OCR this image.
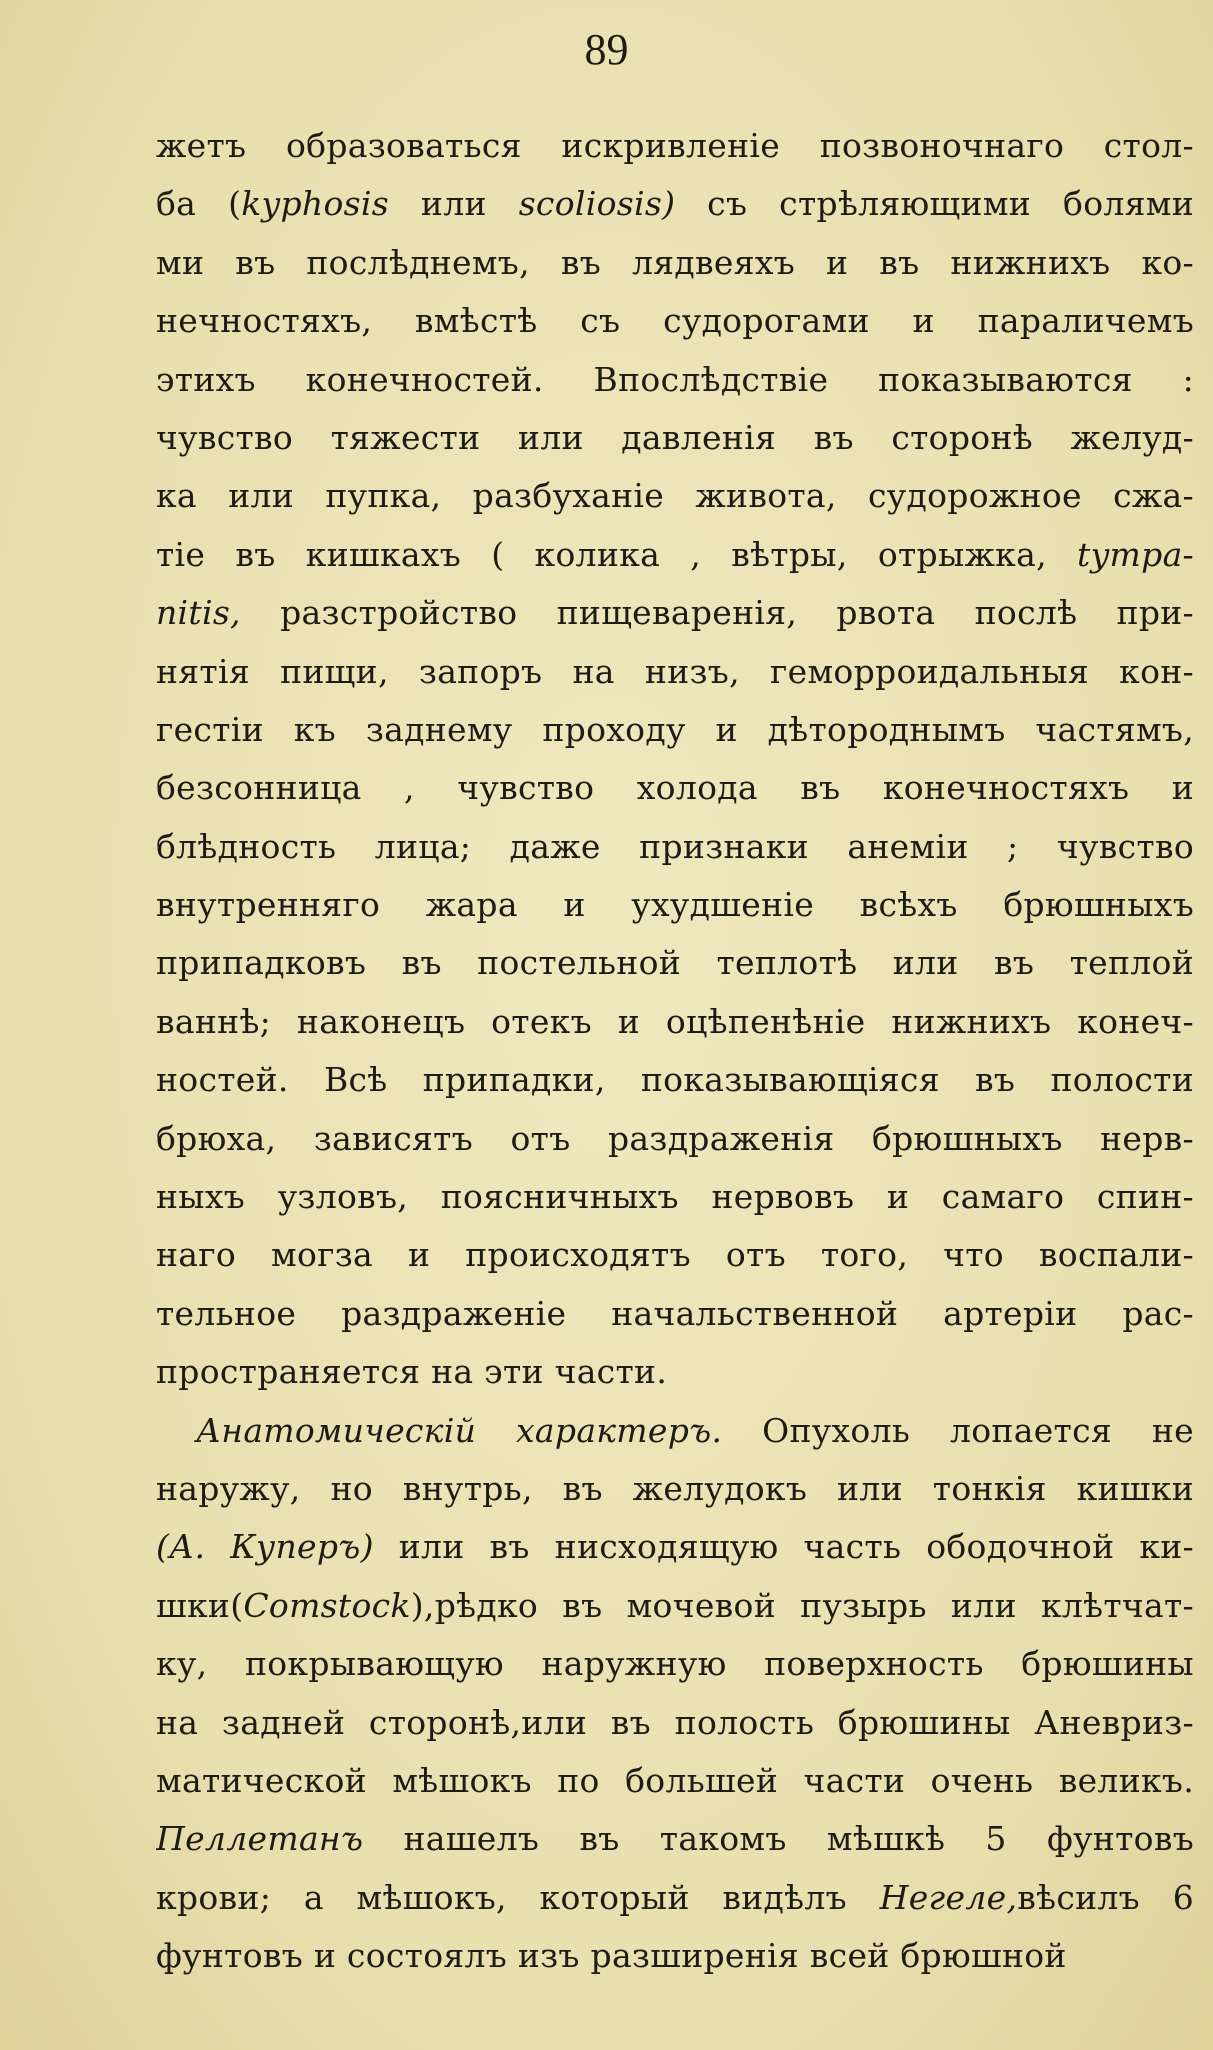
89
жетъ образоваться искривленіе позвоночнаго стол-
ба (kyphosis или scoliosis) съ стрѣляющими болями
ми въ послѣднемъ, въ лядвеяхъ и въ нижнихъ ко-
нечностяхъ, вмѣстѣ съ судорогами и параличемъ
этихъ конечностей. Впослѣдствіе показываются :
чувство тяжести или давленія въ сторонѣ желуд-
ка или пупка, разбуханіе живота, судорожное сжа-
тіе въ кишкахъ ( колика , вѣтры, отрыжка, tympa-
nitis, разстройство пищеваренія, рвота послѣ при-
нятія пищи, запоръ на низъ, геморроидальныя кон-
гестіи къ заднему проходу и дѣтороднымъ частямъ,
безсонница , чувство холода въ конечностяхъ и
блѣдность лица; даже признаки анеміи ; чувство
внутренняго жара и ухудшеніе всѣхъ брюшныхъ
припадковъ въ постельной теплотѣ или въ теплой
ваннѣ; наконецъ отекъ и оцѣпенѣніе нижнихъ конеч-
ностей. Всѣ припадки, показывающіяся въ полости
брюха, зависятъ отъ раздраженія брюшныхъ нерв-
ныхъ узловъ, поясничныхъ нервовъ и самаго спин-
наго могза и происходятъ отъ того, что воспали-
тельное раздраженіе начальственной артеріи рас-
пространяется на эти части.
Анатомическій характеръ. Опухоль лопается не
наружу, но внутрь, въ желудокъ или тонкія кишки
(А. Куперъ) или въ нисходящую часть ободочной ки-
шки(Comstock),рѣдко въ мочевой пузырь или клѣтчат-
ку, покрывающую наружную поверхность брюшины
на задней сторонѣ,или въ полость брюшины Аневриз-
матической мѣшокъ по большей части очень великъ.
Пеллетанъ нашелъ въ такомъ мѣшкѣ 5 фунтовъ
крови; а мѣшокъ, который видѣлъ Негеле,вѣсилъ 6
фунтовъ и состоялъ изъ разширенія всей брюшной
